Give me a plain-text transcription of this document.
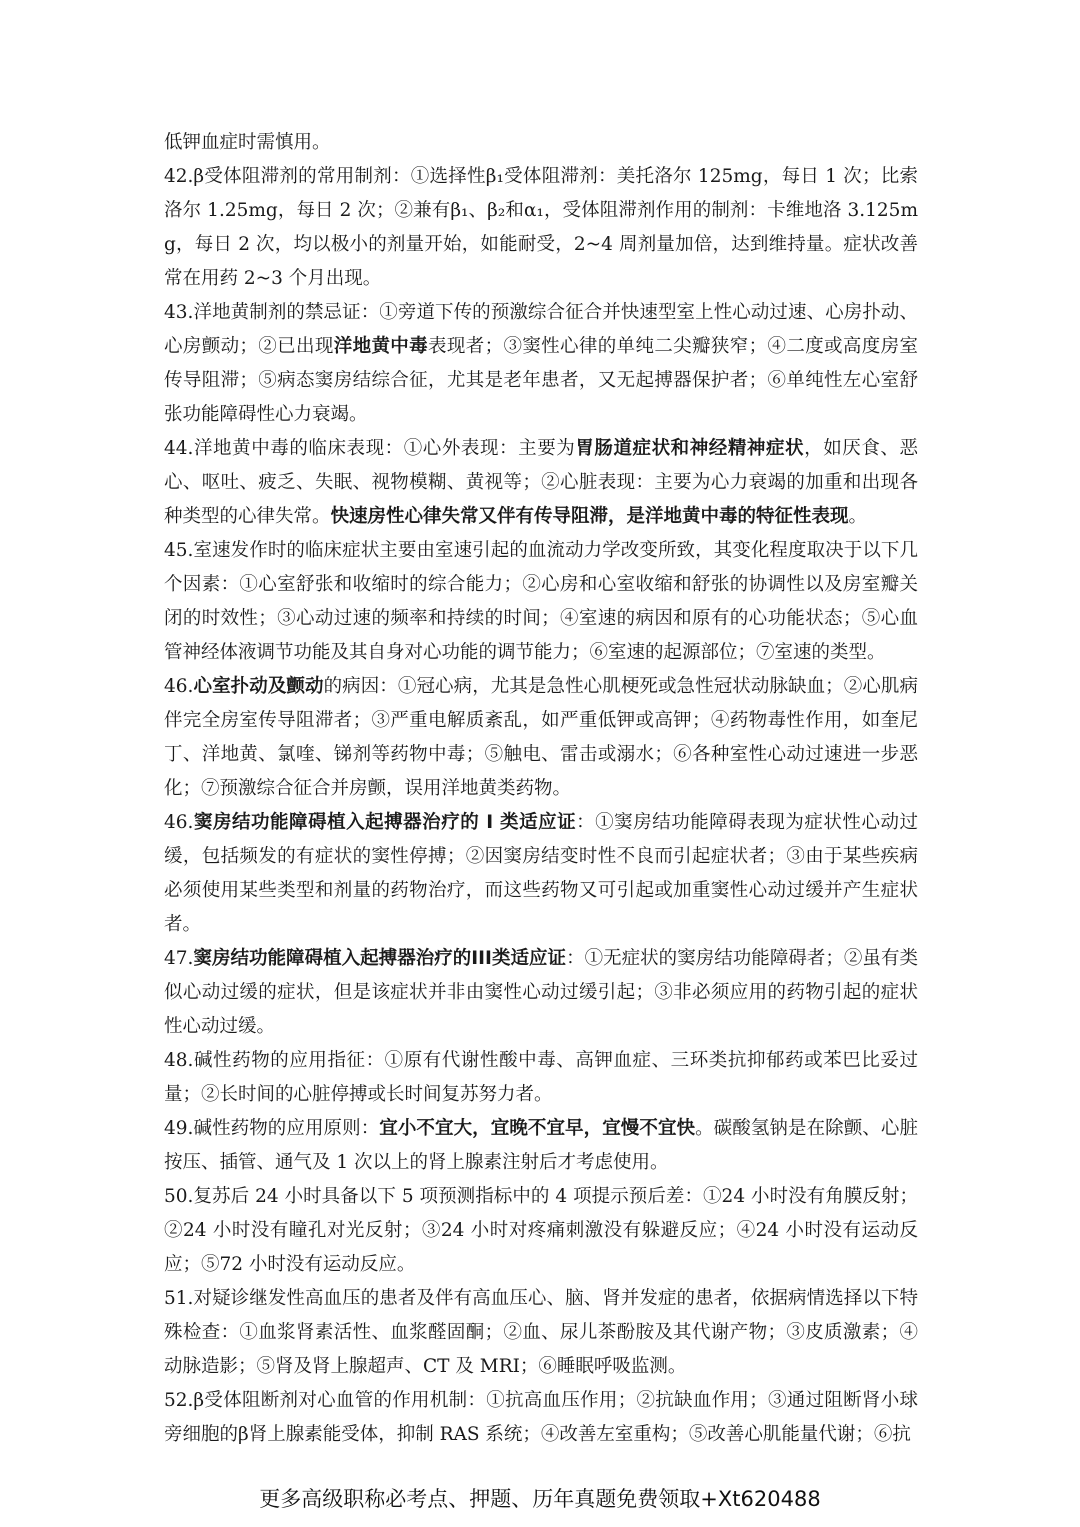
低钾血症时需慎用。

42.β受体阻滞剂的常用制剂：①选择性β₁受体阻滞剂：美托洛尔 125mg，每日 1 次；比索洛尔 1.25mg，每日 2 次；②兼有β₁、β₂和α₁，受体阻滞剂作用的制剂：卡维地洛 3.125mg，每日 2 次，均以极小的剂量开始，如能耐受，2~4 周剂量加倍，达到维持量。症状改善常在用药 2~3 个月出现。

43.洋地黄制剂的禁忌证：①旁道下传的预激综合征合并快速型室上性心动过速、心房扑动、心房颤动；②已出现洋地黄中毒表现者；③窦性心律的单纯二尖瓣狭窄；④二度或高度房室传导阻滞；⑤病态窦房结综合征，尤其是老年患者，又无起搏器保护者；⑥单纯性左心室舒张功能障碍性心力衰竭。

44.洋地黄中毒的临床表现：①心外表现：主要为胃肠道症状和神经精神症状，如厌食、恶心、呕吐、疲乏、失眠、视物模糊、黄视等；②心脏表现：主要为心力衰竭的加重和出现各种类型的心律失常。快速房性心律失常又伴有传导阻滞，是洋地黄中毒的特征性表现。

45.室速发作时的临床症状主要由室速引起的血流动力学改变所致，其变化程度取决于以下几个因素：①心室舒张和收缩时的综合能力；②心房和心室收缩和舒张的协调性以及房室瓣关闭的时效性；③心动过速的频率和持续的时间；④室速的病因和原有的心功能状态；⑤心血管神经体液调节功能及其自身对心功能的调节能力；⑥室速的起源部位；⑦室速的类型。

46.心室扑动及颤动的病因：①冠心病，尤其是急性心肌梗死或急性冠状动脉缺血；②心肌病伴完全房室传导阻滞者；③严重电解质紊乱，如严重低钾或高钾；④药物毒性作用，如奎尼丁、洋地黄、氯喹、锑剂等药物中毒；⑤触电、雷击或溺水；⑥各种室性心动过速进一步恶化；⑦预激综合征合并房颤，误用洋地黄类药物。

46.窦房结功能障碍植入起搏器治疗的 I 类适应证：①窦房结功能障碍表现为症状性心动过缓，包括频发的有症状的窦性停搏；②因窦房结变时性不良而引起症状者；③由于某些疾病必须使用某些类型和剂量的药物治疗，而这些药物又可引起或加重窦性心动过缓并产生症状者。

47.窦房结功能障碍植入起搏器治疗的III类适应证：①无症状的窦房结功能障碍者；②虽有类似心动过缓的症状，但是该症状并非由窦性心动过缓引起；③非必须应用的药物引起的症状性心动过缓。

48.碱性药物的应用指征：①原有代谢性酸中毒、高钾血症、三环类抗抑郁药或苯巴比妥过量；②长时间的心脏停搏或长时间复苏努力者。

49.碱性药物的应用原则：宜小不宜大，宜晚不宜早，宜慢不宜快。碳酸氢钠是在除颤、心脏按压、插管、通气及 1 次以上的肾上腺素注射后才考虑使用。

50.复苏后 24 小时具备以下 5 项预测指标中的 4 项提示预后差：①24 小时没有角膜反射；②24 小时没有瞳孔对光反射；③24 小时对疼痛刺激没有躲避反应；④24 小时没有运动反应；⑤72 小时没有运动反应。

51.对疑诊继发性高血压的患者及伴有高血压心、脑、肾并发症的患者，依据病情选择以下特殊检查：①血浆肾素活性、血浆醛固酮；②血、尿儿茶酚胺及其代谢产物；③皮质激素；④动脉造影；⑤肾及肾上腺超声、CT 及 MRI；⑥睡眠呼吸监测。

52.β受体阻断剂对心血管的作用机制：①抗高血压作用；②抗缺血作用；③通过阻断肾小球旁细胞的β肾上腺素能受体，抑制 RAS 系统；④改善左室重构；⑤改善心肌能量代谢；⑥抗

更多高级职称必考点、押题、历年真题免费领取+Xt620488
